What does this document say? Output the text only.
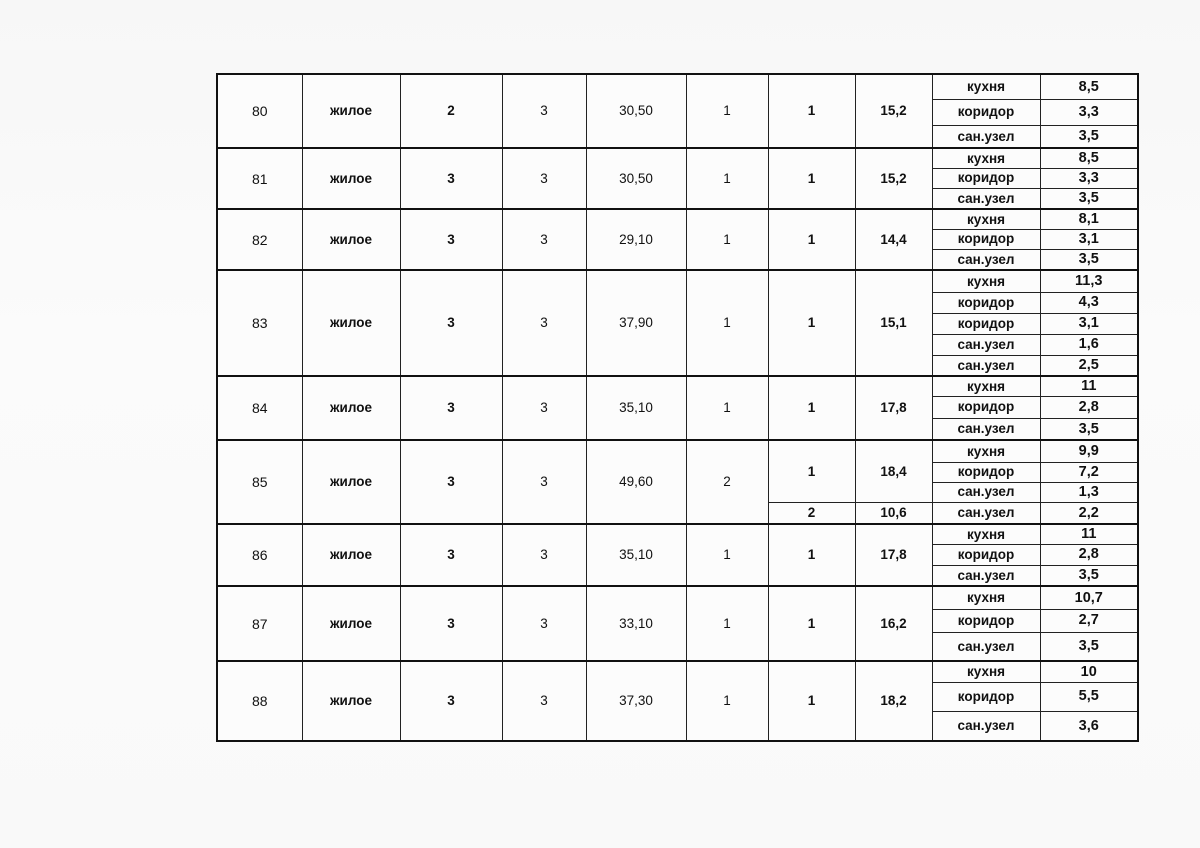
80	жилое	2	3	30,50	1	1	15,2	кухня	8,5
								коридор	3,3
								сан.узел	3,5
81	жилое	3	3	30,50	1	1	15,2	кухня	8,5
								коридор	3,3
								сан.узел	3,5
82	жилое	3	3	29,10	1	1	14,4	кухня	8,1
								коридор	3,1
								сан.узел	3,5
83	жилое	3	3	37,90	1	1	15,1	кухня	11,3
								коридор	4,3
								коридор	3,1
								сан.узел	1,6
								сан.узел	2,5
84	жилое	3	3	35,10	1	1	17,8	кухня	11
								коридор	2,8
								сан.узел	3,5
85	жилое	3	3	49,60	2	1	18,4	кухня	9,9
								коридор	7,2
								сан.узел	1,3
						2	10,6	сан.узел	2,2
86	жилое	3	3	35,10	1	1	17,8	кухня	11
								коридор	2,8
								сан.узел	3,5
87	жилое	3	3	33,10	1	1	16,2	кухня	10,7
								коридор	2,7
								сан.узел	3,5
88	жилое	3	3	37,30	1	1	18,2	кухня	10
								коридор	5,5
								сан.узел	3,6
